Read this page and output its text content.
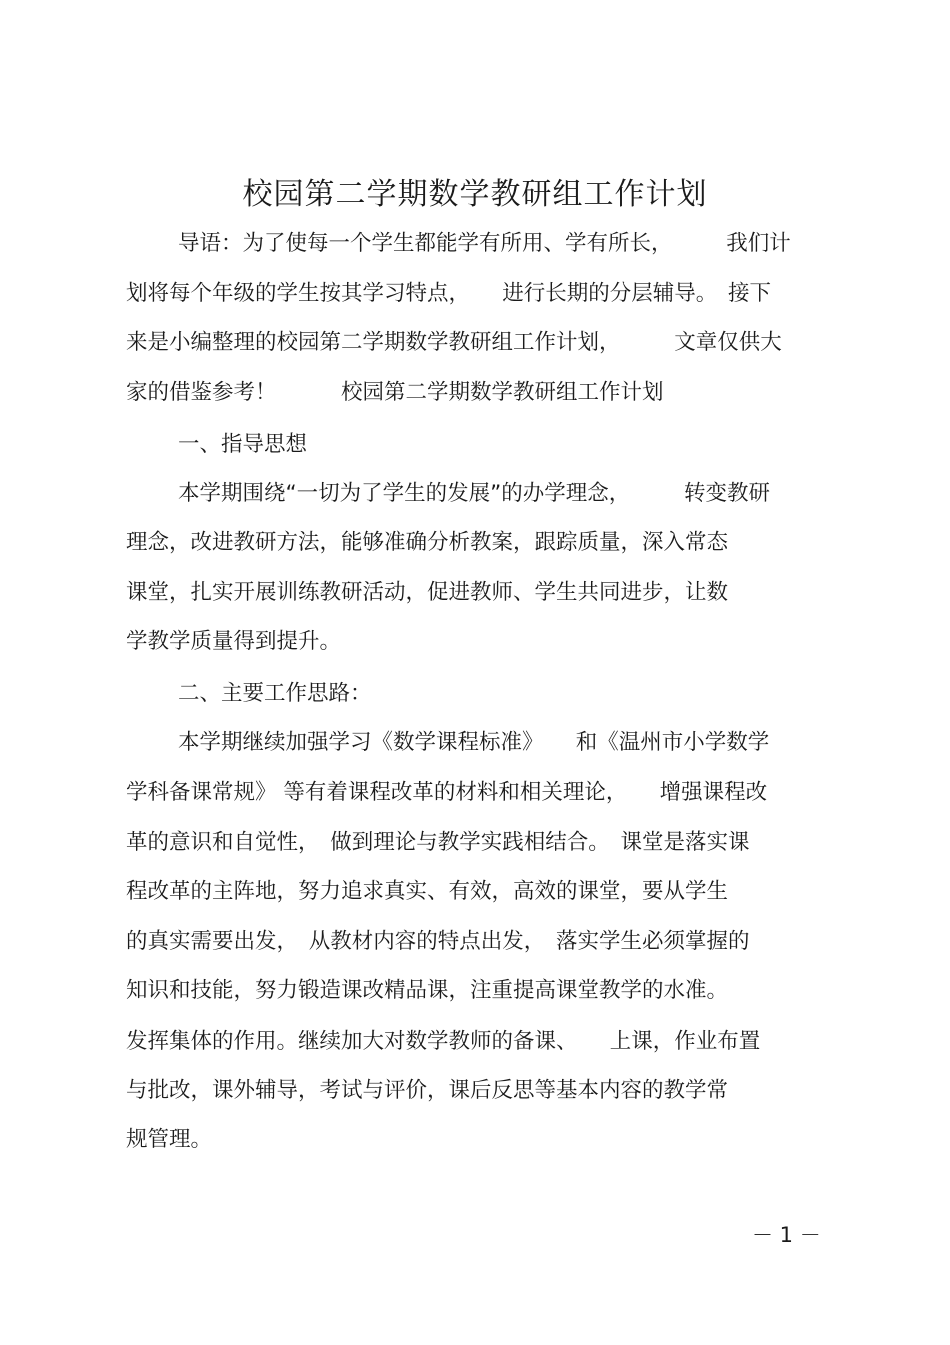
校园第二学期数学教研组工作计划

导语：为了使每一个学生都能学有所用、学有所长，　　　我们计

划将每个年级的学生按其学习特点，　　进行长期的分层辅导。　接下

来是小编整理的校园第二学期数学教研组工作计划，　　　文章仅供大

家的借鉴参考！　　　校园第二学期数学教研组工作计划

一、指导思想

本学期围绕“一切为了学生的发展”的办学理念，　　　转变教研

理念，改进教研方法，能够准确分析教案，跟踪质量，深入常态

课堂，扎实开展训练教研活动，促进教师、学生共同进步，让数

学教学质量得到提升。

二、主要工作思路：

本学期继续加强学习《数学课程标准》　　和《温州市小学数学

学科备课常规》 等有着课程改革的材料和相关理论，　　增强课程改

革的意识和自觉性，　做到理论与教学实践相结合。　课堂是落实课

程改革的主阵地，努力追求真实、有效，高效的课堂，要从学生

的真实需要出发，　从教材内容的特点出发，　落实学生必须掌握的

知识和技能，努力锻造课改精品课，注重提高课堂教学的水准。

发挥集体的作用。继续加大对数学教师的备课、　　上课，作业布置

与批改，课外辅导，考试与评价，课后反思等基本内容的教学常

规管理。

－ 1 －
